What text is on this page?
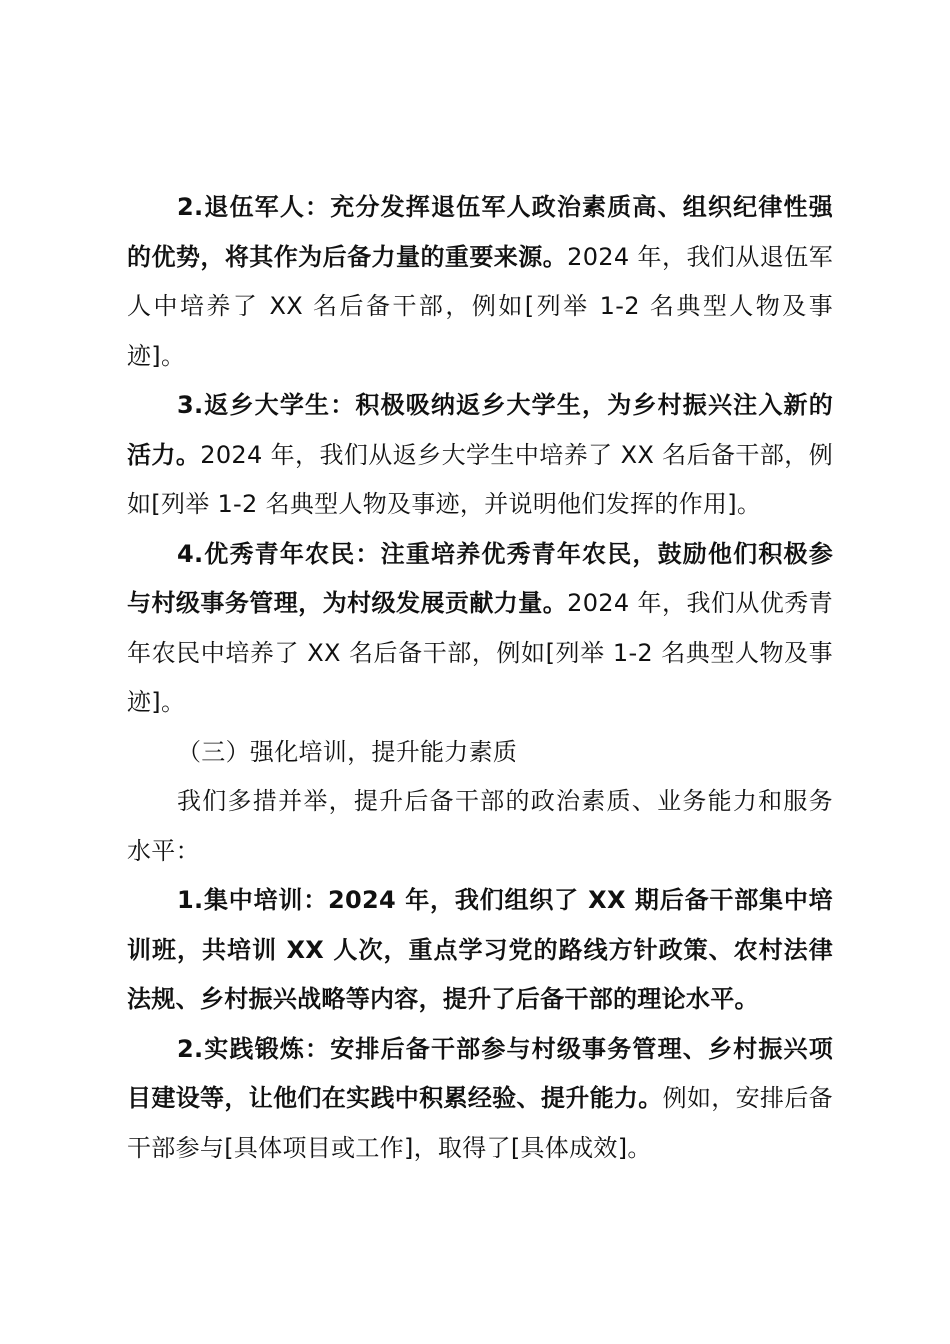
2.退伍军人：充分发挥退伍军人政治素质高、组织纪律性强的优势，将其作为后备力量的重要来源。2024 年，我们从退伍军人中培养了 XX 名后备干部，例如[列举 1-2 名典型人物及事迹]。

3.返乡大学生：积极吸纳返乡大学生，为乡村振兴注入新的活力。2024 年，我们从返乡大学生中培养了 XX 名后备干部，例如[列举 1-2 名典型人物及事迹，并说明他们发挥的作用]。

4.优秀青年农民：注重培养优秀青年农民，鼓励他们积极参与村级事务管理，为村级发展贡献力量。2024 年，我们从优秀青年农民中培养了 XX 名后备干部，例如[列举 1-2 名典型人物及事迹]。

（三）强化培训，提升能力素质

我们多措并举，提升后备干部的政治素质、业务能力和服务水平：

1.集中培训：2024 年，我们组织了 XX 期后备干部集中培训班，共培训 XX 人次，重点学习党的路线方针政策、农村法律法规、乡村振兴战略等内容，提升了后备干部的理论水平。

2.实践锻炼：安排后备干部参与村级事务管理、乡村振兴项目建设等，让他们在实践中积累经验、提升能力。例如，安排后备干部参与[具体项目或工作]，取得了[具体成效]。
